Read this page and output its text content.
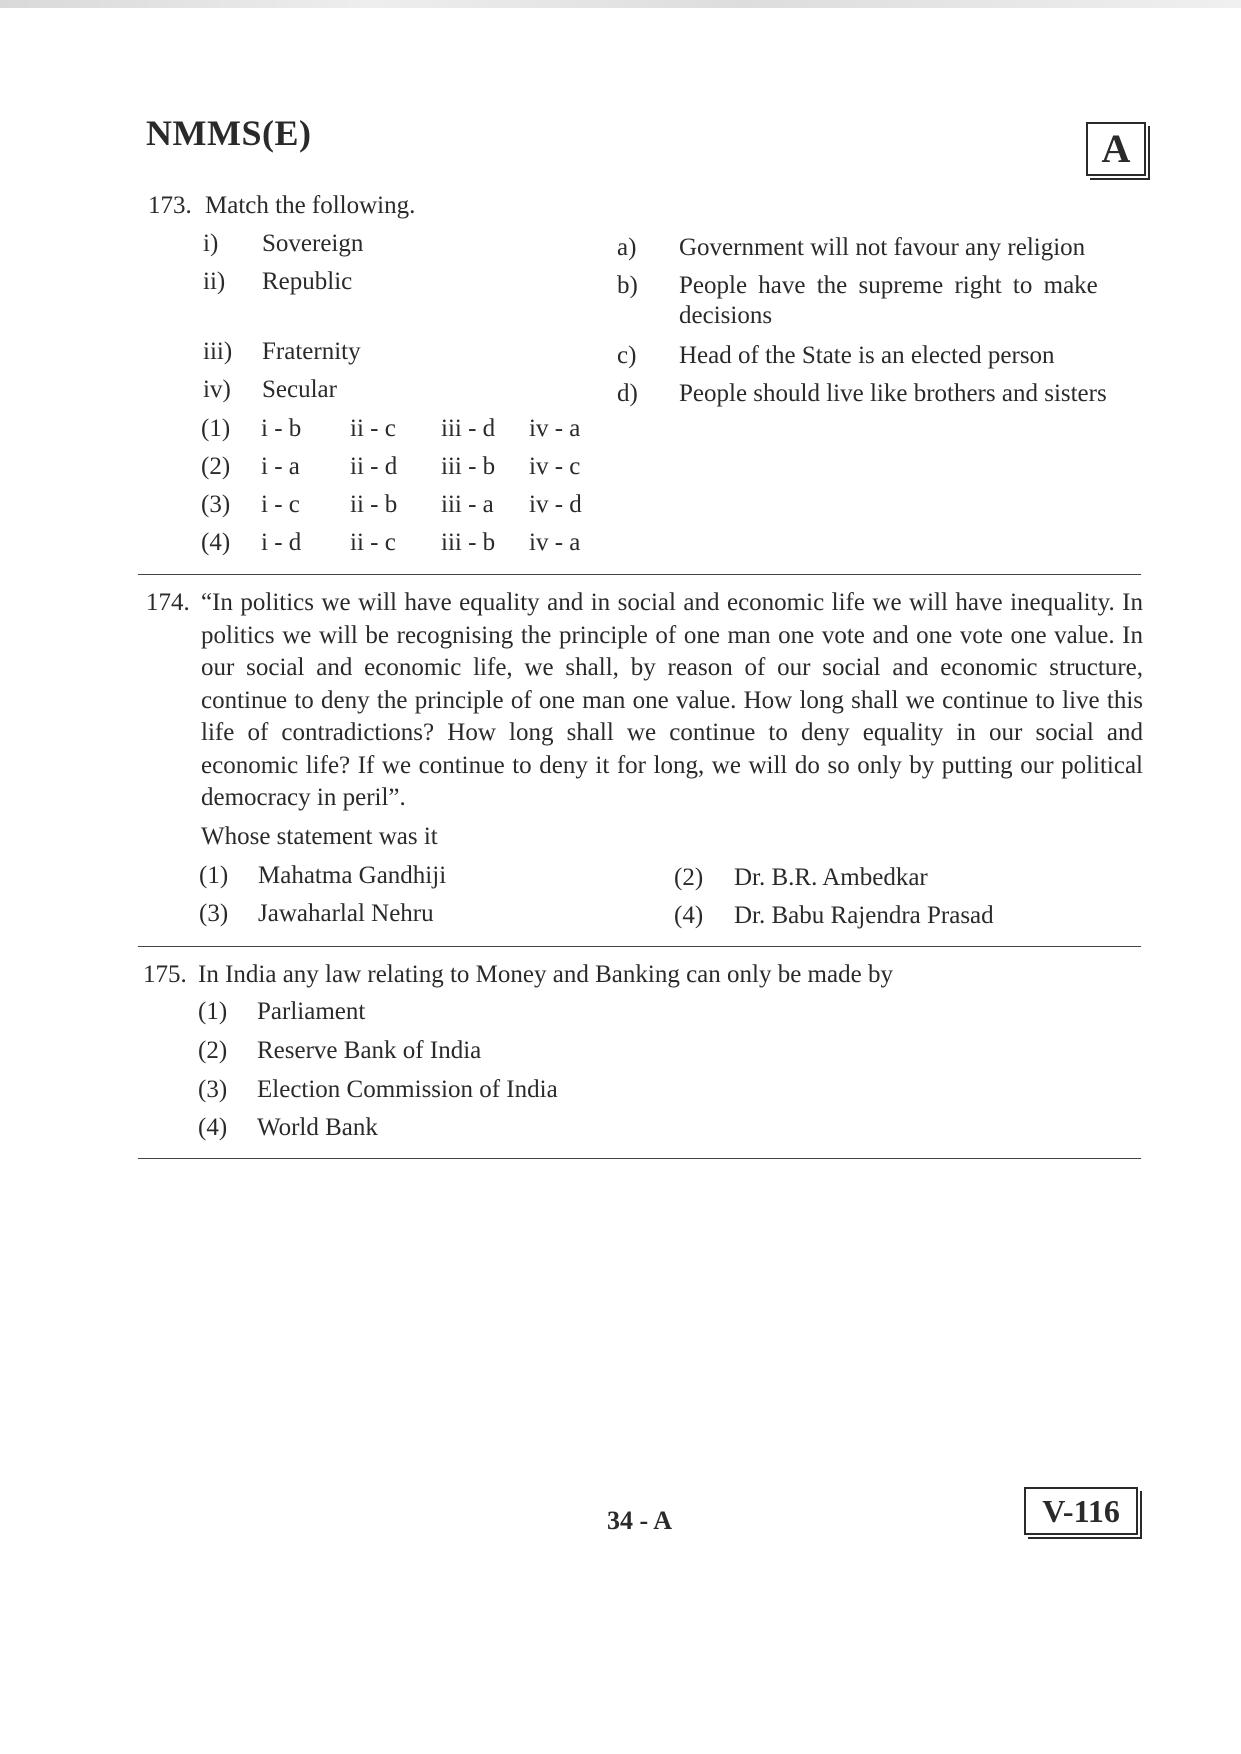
NMMS(E)	A
173. Match the following.
i) Sovereign
ii) Republic
iii) Fraternity
iv) Secular
a) Government will not favour any religion
b) People have the supreme right to make
decisions
c) Head of the State is an elected person
d) People should live like brothers and sisters
(1) i - b ii - c iii - d iv - a
(2) i - a ii - d iii - b iv - c
(3) i - c ii - b iii - a iv - d
(4) i - d ii - c iii - b iv - a
174. “In politics we will have equality and in social and economic life we will have inequality. In politics we will be recognising the principle of one man one vote and one vote one value. In our social and economic life, we shall, by reason of our social and economic structure, continue to deny the principle of one man one value. How long shall we continue to live this life of contradictions? How long shall we continue to deny equality in our social and economic life? If we continue to deny it for long, we will do so only by putting our political democracy in peril”.
Whose statement was it
(1) Mahatma Gandhiji	(2) Dr. B.R. Ambedkar
(3) Jawaharlal Nehru	(4) Dr. Babu Rajendra Prasad
175. In India any law relating to Money and Banking can only be made by
(1) Parliament
(2) Reserve Bank of India
(3) Election Commission of India
(4) World Bank
34 - A	V-116
